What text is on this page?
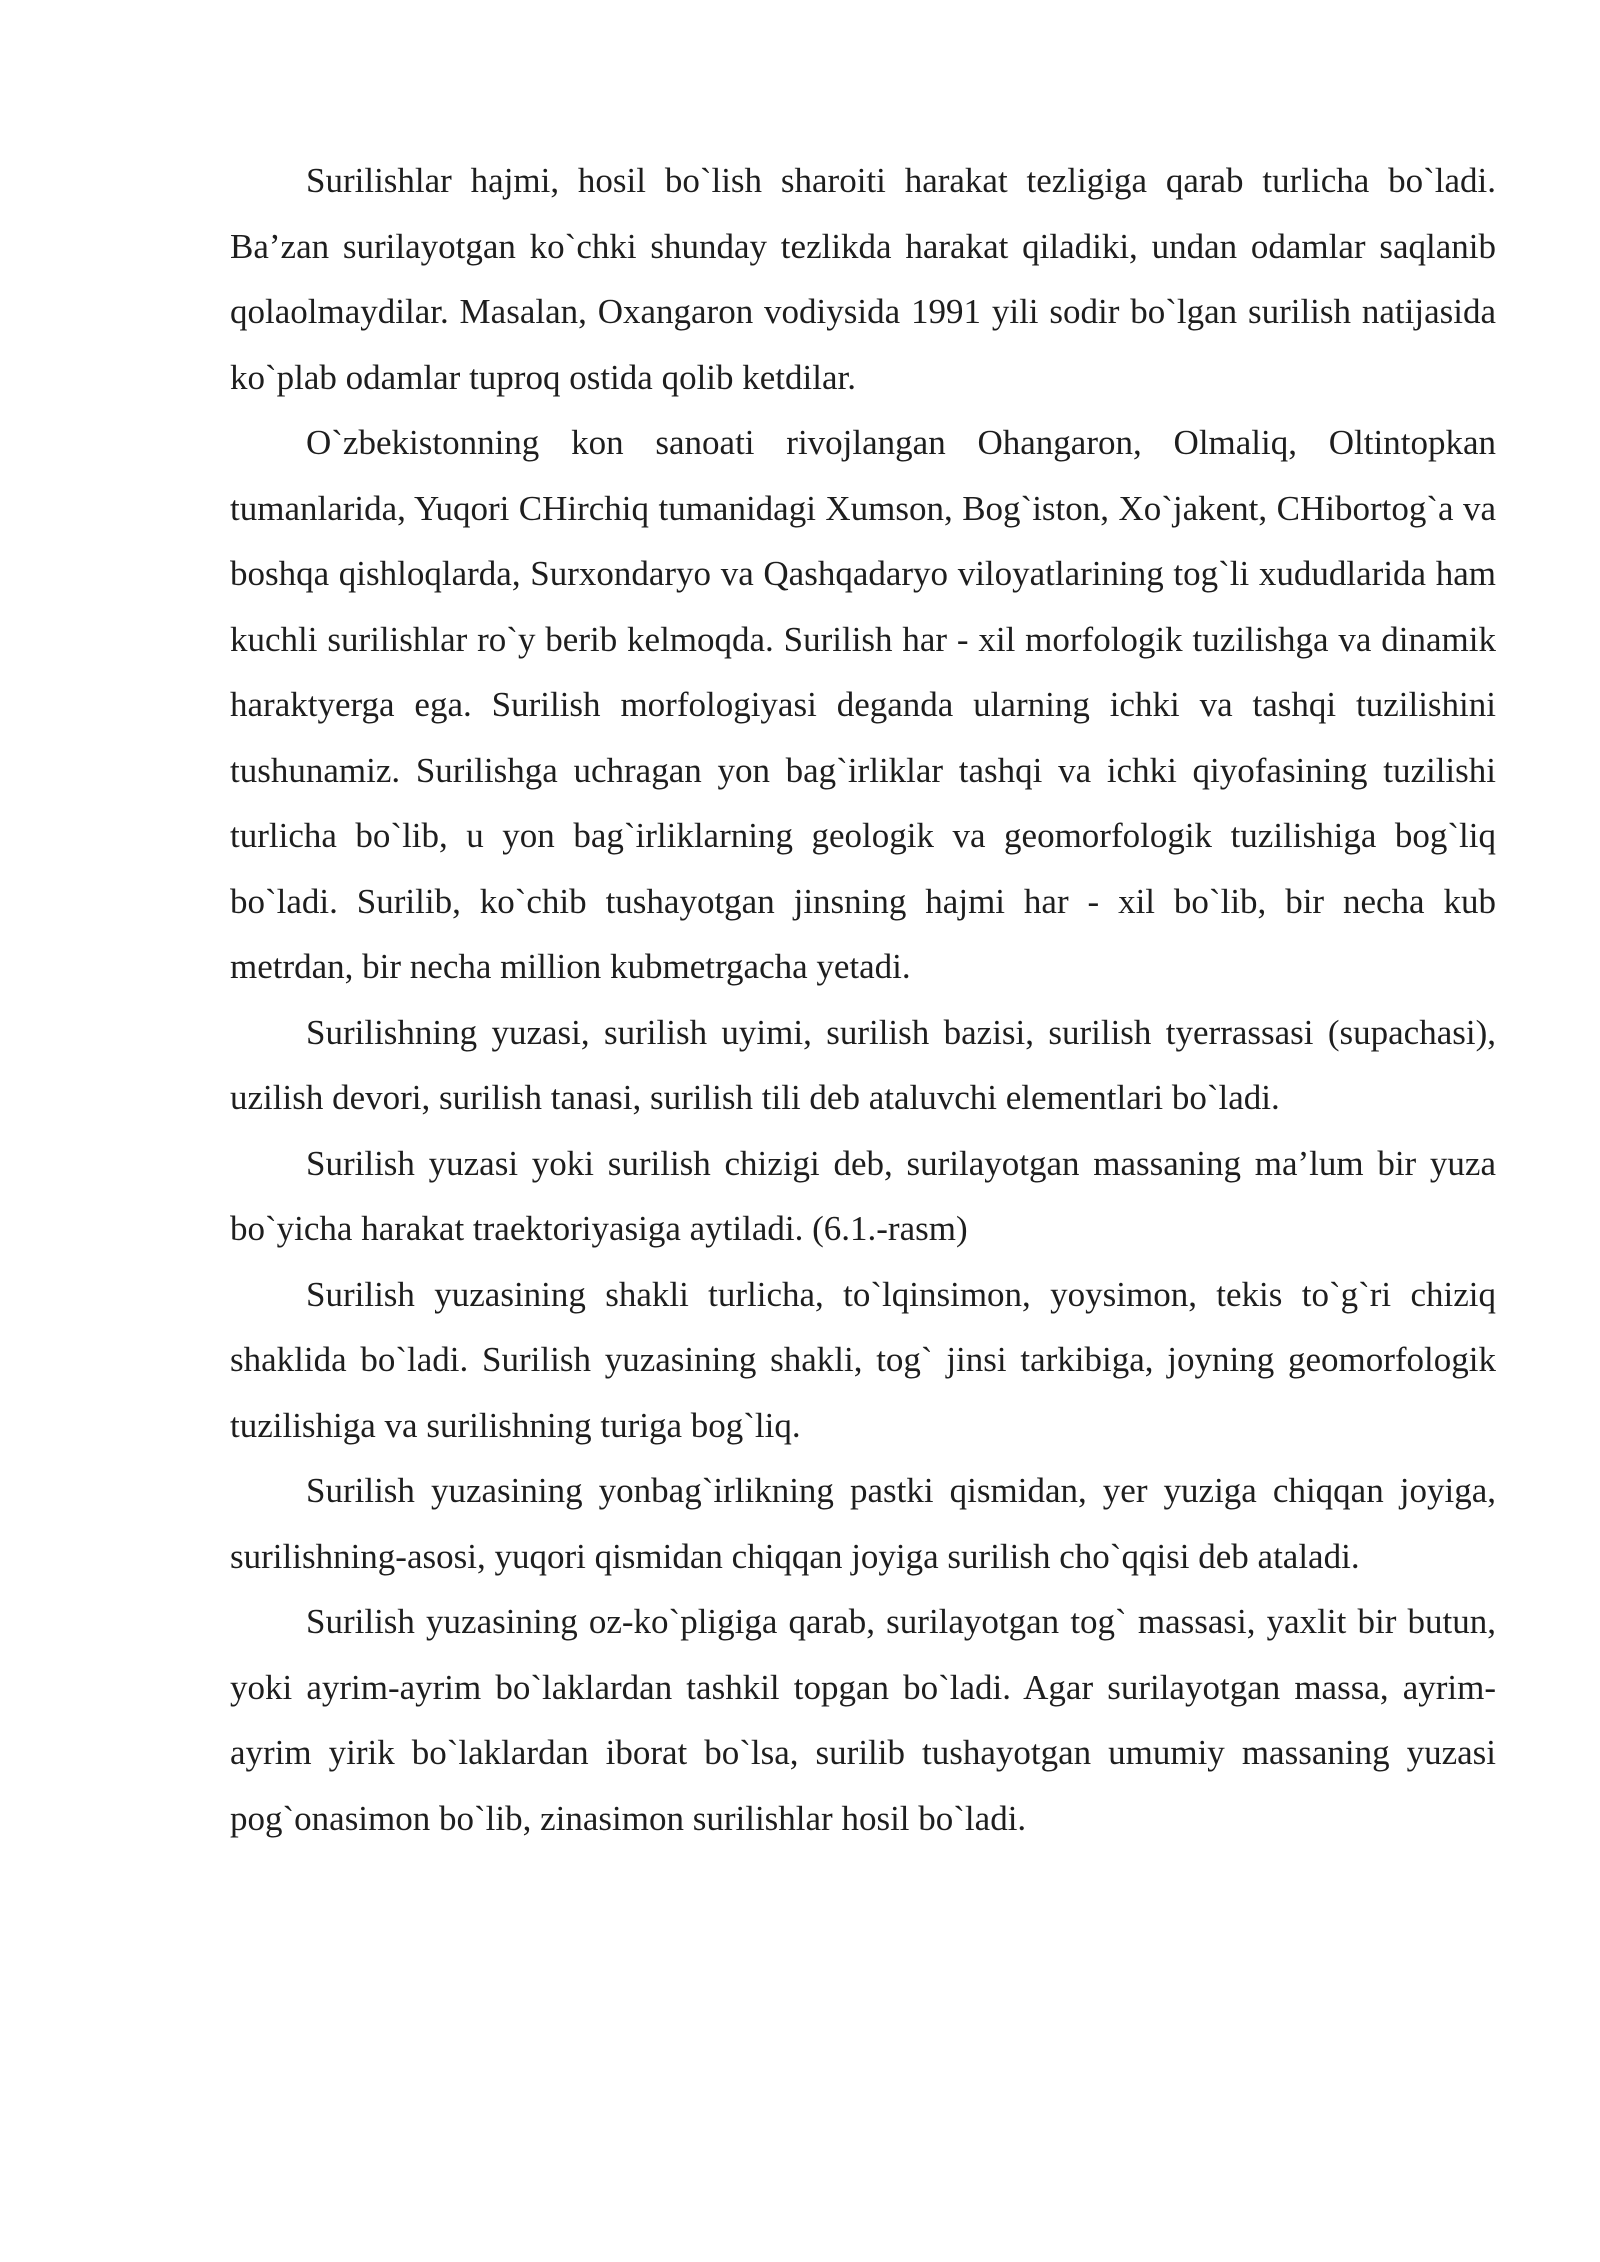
Surilishlar hajmi, hosil bo`lish sharoiti harakat tezligiga qarab turlicha bo`ladi. Ba’zan surilayotgan ko`chki shunday tezlikda harakat qiladiki, undan odamlar saqlanib qolaolmaydilar. Masalan, Oxangaron vodiysida 1991 yili sodir bo`lgan surilish natijasida ko`plab odamlar tuproq ostida qolib ketdilar.

O`zbekistonning kon sanoati rivojlangan Ohangaron, Olmaliq, Oltintopkan tumanlarida, Yuqori CHirchiq tumanidagi Xumson, Bog`iston, Xo`jakent, CHibortog`a va boshqa qishloqlarda, Surxondaryo va Qashqadaryo viloyatlarining tog`li xududlarida ham kuchli surilishlar ro`y berib kelmoqda. Surilish har - xil morfologik tuzilishga va dinamik haraktyerga ega. Surilish morfologiyasi deganda ularning ichki va tashqi tuzilishini tushunamiz. Surilishga uchragan yon bag`irliklar tashqi va ichki qiyofasining tuzilishi turlicha bo`lib, u yon bag`irliklarning geologik va geomorfologik tuzilishiga bog`liq bo`ladi. Surilib, ko`chib tushayotgan jinsning hajmi har - xil bo`lib, bir necha kub metrdan, bir necha million kubmetrgacha yetadi.

Surilishning yuzasi, surilish uyimi, surilish bazisi, surilish tyerrassasi (supachasi), uzilish devori, surilish tanasi, surilish tili deb ataluvchi elementlari bo`ladi.

Surilish yuzasi yoki surilish chizigi deb, surilayotgan massaning ma’lum bir yuza bo`yicha harakat traektoriyasiga aytiladi. (6.1.-rasm)

Surilish yuzasining shakli turlicha, to`lqinsimon, yoysimon, tekis to`g`ri chiziq shaklida bo`ladi. Surilish yuzasining shakli, tog` jinsi tarkibiga, joyning geomorfologik tuzilishiga va surilishning turiga bog`liq.

Surilish yuzasining yonbag`irlikning pastki qismidan, yer yuziga chiqqan joyiga, surilishning-asosi, yuqori qismidan chiqqan joyiga surilish cho`qqisi deb ataladi.

Surilish yuzasining oz-ko`pligiga qarab, surilayotgan tog` massasi, yaxlit bir butun, yoki ayrim-ayrim bo`laklardan tashkil topgan bo`ladi. Agar surilayotgan massa, ayrim-ayrim yirik bo`laklardan iborat bo`lsa, surilib tushayotgan umumiy massaning yuzasi pog`onasimon bo`lib, zinasimon surilishlar hosil bo`ladi.
